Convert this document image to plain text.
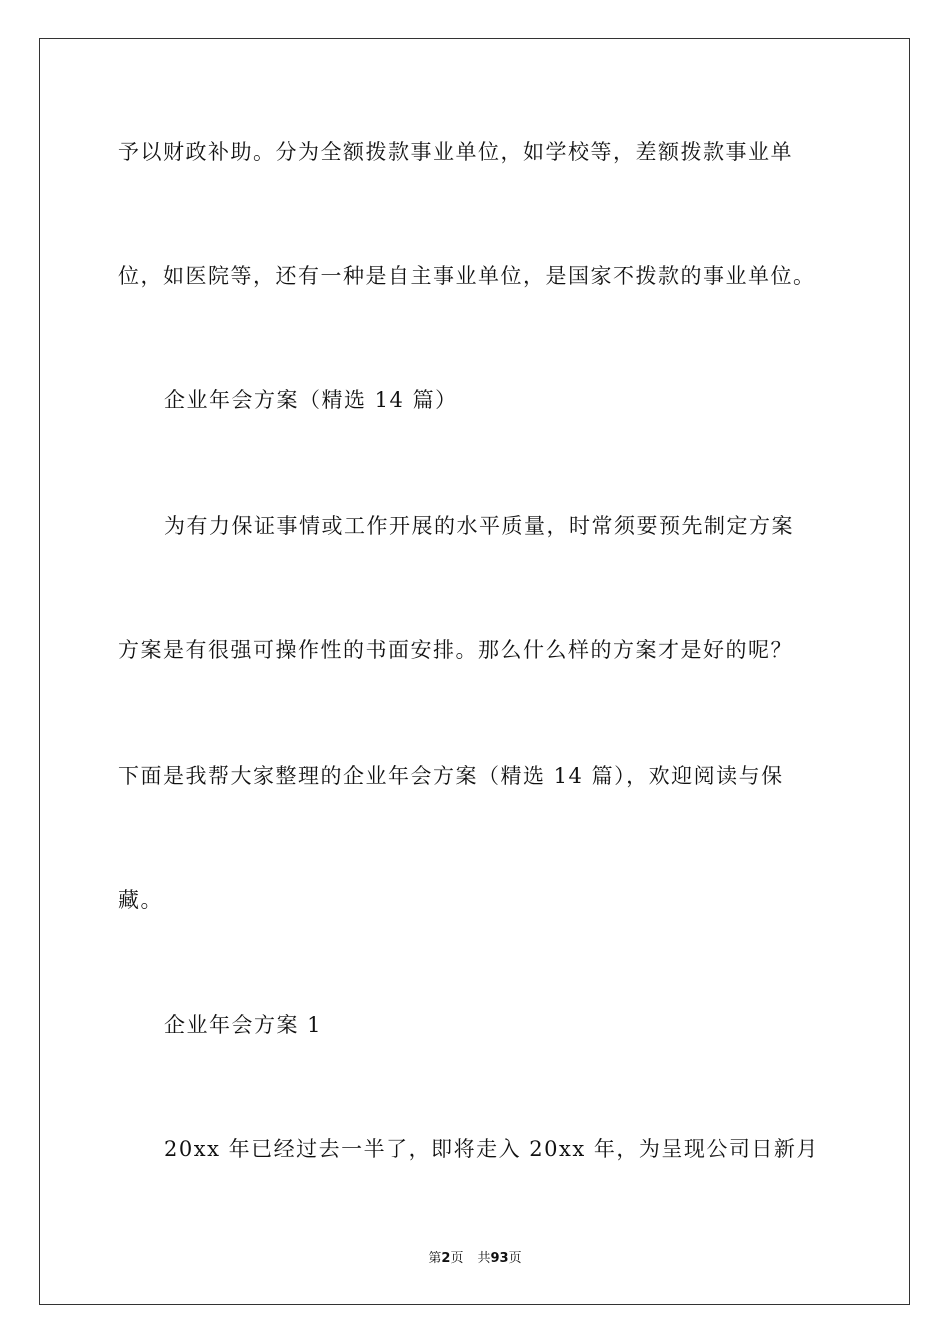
予以财政补助。分为全额拨款事业单位，如学校等，差额拨款事业单
位，如医院等，还有一种是自主事业单位，是国家不拨款的事业单位。
企业年会方案（精选 14 篇）
为有力保证事情或工作开展的水平质量，时常须要预先制定方案
方案是有很强可操作性的书面安排。那么什么样的方案才是好的呢？
下面是我帮大家整理的企业年会方案（精选 14 篇），欢迎阅读与保
藏。
企业年会方案 1
20xx 年已经过去一半了，即将走入 20xx 年，为呈现公司日新月
第2页 共93页
